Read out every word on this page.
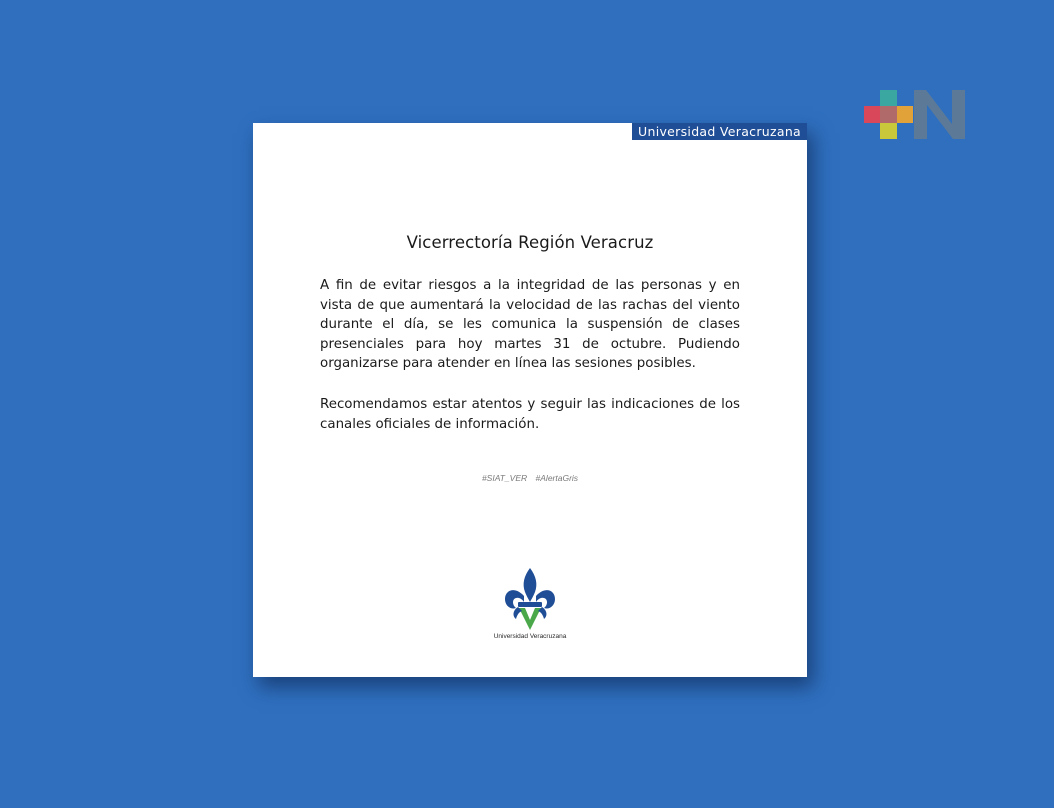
Universidad Veracruzana
Vicerrectoría Región Veracruz

A fin de evitar riesgos a la integridad de las personas y en vista de que aumentará la velocidad de las rachas del viento durante el día, se les comunica la suspensión de clases presenciales para hoy martes 31 de octubre. Pudiendo organizarse para atender en línea las sesiones posibles.

Recomendamos estar atentos y seguir las indicaciones de los canales oficiales de información.

#SIAT_VER #AlertaGris
Universidad Veracruzana
